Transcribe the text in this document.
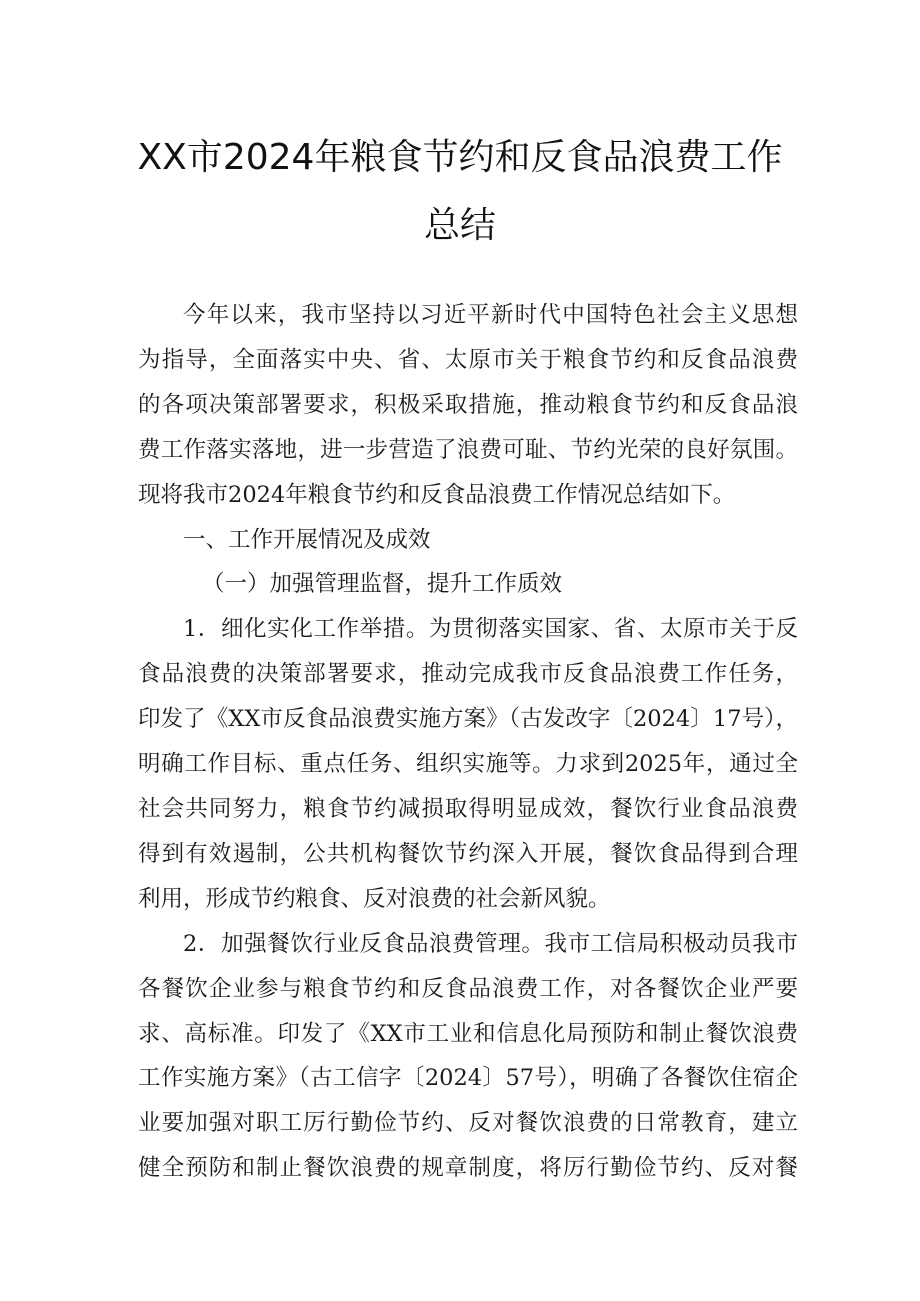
XX市2024年粮食节约和反食品浪费工作
总结
今年以来，我市坚持以习近平新时代中国特色社会主义思想
为指导，全面落实中央、省、太原市关于粮食节约和反食品浪费
的各项决策部署要求，积极采取措施，推动粮食节约和反食品浪
费工作落实落地，进一步营造了浪费可耻、节约光荣的良好氛围。
现将我市2024年粮食节约和反食品浪费工作情况总结如下。
一、工作开展情况及成效
（一）加强管理监督，提升工作质效
1．细化实化工作举措。为贯彻落实国家、省、太原市关于反
食品浪费的决策部署要求，推动完成我市反食品浪费工作任务，
印发了《XX市反食品浪费实施方案》（古发改字〔2024〕17号），
明确工作目标、重点任务、组织实施等。力求到2025年，通过全
社会共同努力，粮食节约减损取得明显成效，餐饮行业食品浪费
得到有效遏制，公共机构餐饮节约深入开展，餐饮食品得到合理
利用，形成节约粮食、反对浪费的社会新风貌。
2．加强餐饮行业反食品浪费管理。我市工信局积极动员我市
各餐饮企业参与粮食节约和反食品浪费工作，对各餐饮企业严要
求、高标准。印发了《XX市工业和信息化局预防和制止餐饮浪费
工作实施方案》（古工信字〔2024〕57号），明确了各餐饮住宿企
业要加强对职工厉行勤俭节约、反对餐饮浪费的日常教育，建立
健全预防和制止餐饮浪费的规章制度，将厉行勤俭节约、反对餐
